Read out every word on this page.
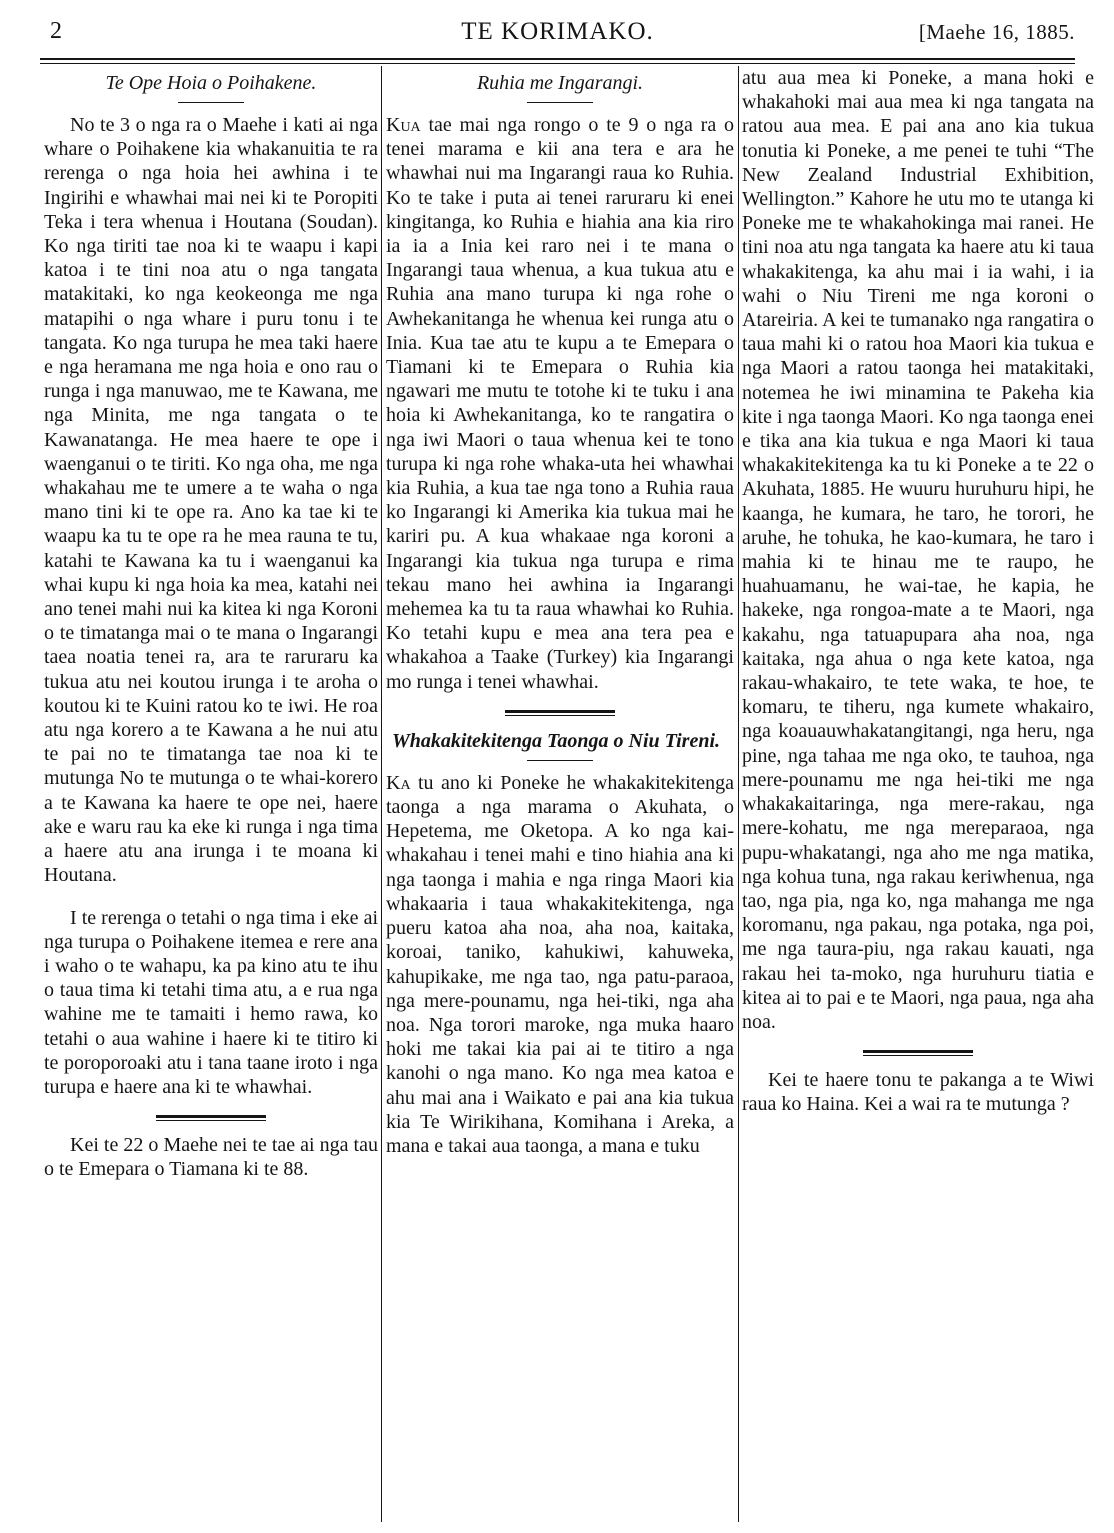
2	TE KORIMAKO.	[Maehe 16, 1885.
Te Ope Hoia o Poihakene.

No te 3 o nga ra o Maehe i kati ai nga whare o Poihakene kia whakanuitia te ra rerenga o nga hoia hei awhina i te Ingirihi e whawhai mai nei ki te Poropiti Teka i tera whenua i Houtana (Soudan). Ko nga tiriti tae noa ki te waapu i kapi katoa i te tini noa atu o nga tangata matakitaki, ko nga keokeonga me nga matapihi o nga whare i puru tonu i te tangata. Ko nga turupa he mea taki haere e nga heramana me nga hoia e ono rau o runga i nga manuwao, me te Kawana, me nga Minita, me nga tangata o te Kawanatanga. He mea haere te ope i waenganui o te tiriti. Ko nga oha, me nga whakahau me te umere a te waha o nga mano tini ki te ope ra. Ano ka tae ki te waapu ka tu te ope ra he mea rauna te tu, katahi te Kawana ka tu i waenganui ka whai kupu ki nga hoia ka mea, katahi nei ano tenei mahi nui ka kitea ki nga Koroni o te timatanga mai o te mana o Ingarangi taea noatia tenei ra, ara te raruraru ka tukua atu nei koutou irunga i te aroha o koutou ki te Kuini ratou ko te iwi. He roa atu nga korero a te Kawana a he nui atu te pai no te timatanga tae noa ki te mutunga No te mutunga o te whai-korero a te Kawana ka haere te ope nei, haere ake e waru rau ka eke ki runga i nga tima a haere atu ana irunga i te moana ki Houtana.

I te rerenga o tetahi o nga tima i eke ai nga turupa o Poihakene itemea e rere ana i waho o te wahapu, ka pa kino atu te ihu o taua tima ki tetahi tima atu, a e rua nga wahine me te tamaiti i hemo rawa, ko tetahi o aua wahine i haere ki te titiro ki te poroporoaki atu i tana taane iroto i nga turupa e haere ana ki te whawhai.

Kei te 22 o Maehe nei te tae ai nga tau o te Emepara o Tiamana ki te 88.

Ruhia me Ingarangi.

Kua tae mai nga rongo o te 9 o nga ra o tenei marama e kii ana tera e ara he whawhai nui ma Ingarangi raua ko Ruhia. Ko te take i puta ai tenei raruraru ki enei kingitanga, ko Ruhia e hiahia ana kia riro ia ia a Inia kei raro nei i te mana o Ingarangi taua whenua, a kua tukua atu e Ruhia ana mano turupa ki nga rohe o Awhekanitanga he whenua kei runga atu o Inia. Kua tae atu te kupu a te Emepara o Tiamani ki te Emepara o Ruhia kia ngawari me mutu te totohe ki te tuku i ana hoia ki Awhekanitanga, ko te rangatira o nga iwi Maori o taua whenua kei te tono turupa ki nga rohe whaka-uta hei whawhai kia Ruhia, a kua tae nga tono a Ruhia raua ko Ingarangi ki Amerika kia tukua mai he kariri pu. A kua whakaae nga koroni a Ingarangi kia tukua nga turupa e rima tekau mano hei awhina ia Ingarangi mehemea ka tu ta raua whawhai ko Ruhia. Ko tetahi kupu e mea ana tera pea e whakahoa a Taake (Turkey) kia Ingarangi mo runga i tenei whawhai.

Whakakitekitenga Taonga o Niu Tireni.

Ka tu ano ki Poneke he whakakitekitenga taonga a nga marama o Akuhata, o Hepetema, me Oketopa. A ko nga kai-whakahau i tenei mahi e tino hiahia ana ki nga taonga i mahia e nga ringa Maori kia whakaaria i taua whakakitekitenga, nga pueru katoa aha noa, aha noa, kaitaka, koroai, taniko, kahukiwi, kahuweka, kahupikake, me nga tao, nga patu-paraoa, nga mere-pounamu, nga hei-tiki, nga aha noa. Nga torori maroke, nga muka haaro hoki me takai kia pai ai te titiro a nga kanohi o nga mano. Ko nga mea katoa e ahu mai ana i Waikato e pai ana kia tukua kia Te Wirikihana, Komihana i Areka, a mana e takai aua taonga, a mana e tuku

atu aua mea ki Poneke, a mana hoki e whakahoki mai aua mea ki nga tangata na ratou aua mea. E pai ana ano kia tukua tonutia ki Poneke, a me penei te tuhi “The New Zealand Industrial Exhibition, Wellington.” Kahore he utu mo te utanga ki Poneke me te whakahokinga mai ranei. He tini noa atu nga tangata ka haere atu ki taua whakakitenga, ka ahu mai i ia wahi, i ia wahi o Niu Tireni me nga koroni o Atareiria. A kei te tumanako nga rangatira o taua mahi ki o ratou hoa Maori kia tukua e nga Maori a ratou taonga hei matakitaki, notemea he iwi minamina te Pakeha kia kite i nga taonga Maori. Ko nga taonga enei e tika ana kia tukua e nga Maori ki taua whakakitekitenga ka tu ki Poneke a te 22 o Akuhata, 1885. He wuuru huruhuru hipi, he kaanga, he kumara, he taro, he torori, he aruhe, he tohuka, he kao-kumara, he taro i mahia ki te hinau me te raupo, he huahuamanu, he wai-tae, he kapia, he hakeke, nga rongoa-mate a te Maori, nga kakahu, nga tatuapupara aha noa, nga kaitaka, nga ahua o nga kete katoa, nga rakau-whakairo, te tete waka, te hoe, te komaru, te tiheru, nga kumete whakairo, nga koauauwhakatangitangi, nga heru, nga pine, nga tahaa me nga oko, te tauhoa, nga mere-pounamu me nga hei-tiki me nga whakakaitaringa, nga mere-rakau, nga mere-kohatu, me nga mereparaoa, nga pupu-whakatangi, nga aho me nga matika, nga kohua tuna, nga rakau keriwhenua, nga tao, nga pia, nga ko, nga mahanga me nga koromanu, nga pakau, nga potaka, nga poi, me nga taura-piu, nga rakau kauati, nga rakau hei ta-moko, nga huruhuru tiatia e kitea ai to pai e te Maori, nga paua, nga aha noa.

Kei te haere tonu te pakanga a te Wiwi raua ko Haina. Kei a wai ra te mutunga ?
